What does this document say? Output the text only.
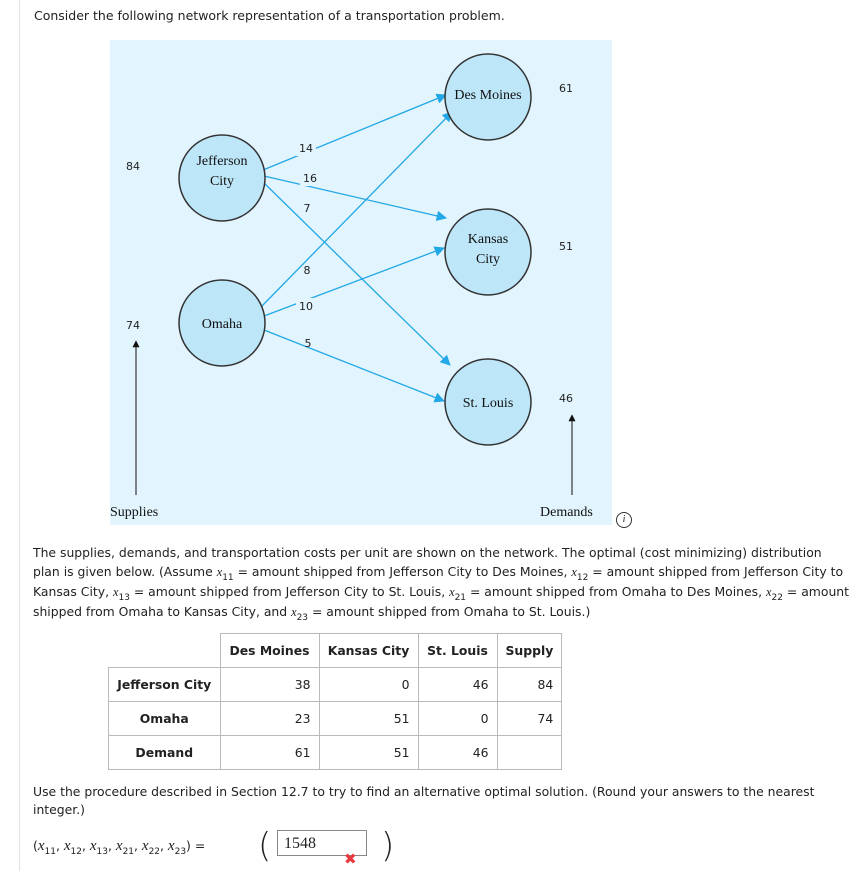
Consider the following network representation of a transportation problem.
14
16
7
8
10
5
Jefferson
City
Omaha
Des Moines
Kansas
City
St. Louis
84
74
61
51
46
Supplies	Demands	i
The supplies, demands, and transportation costs per unit are shown on the network. The optimal (cost minimizing) distribution plan is given below. (Assume $x_{11}$ = amount shipped from Jefferson City to Des Moines, $x_{12}$ = amount shipped from Jefferson City to Kansas City, $x_{13}$ = amount shipped from Jefferson City to St. Louis, $x_{21}$ = amount shipped from Omaha to Des Moines, $x_{22}$ = amount shipped from Omaha to Kansas City, and $x_{23}$ = amount shipped from Omaha to St. Louis.)
	Des Moines	Kansas City	St. Louis	Supply
Jefferson City	38	0	46	84
Omaha	23	51	0	74
Demand	61	51	46	
Use the procedure described in Section 12.7 to try to find an alternative optimal solution. (Round your answers to the nearest integer.)
($x_{11}$, $x_{12}$, $x_{13}$, $x_{21}$, $x_{22}$, $x_{23}$) = ( 1548
✖ )
